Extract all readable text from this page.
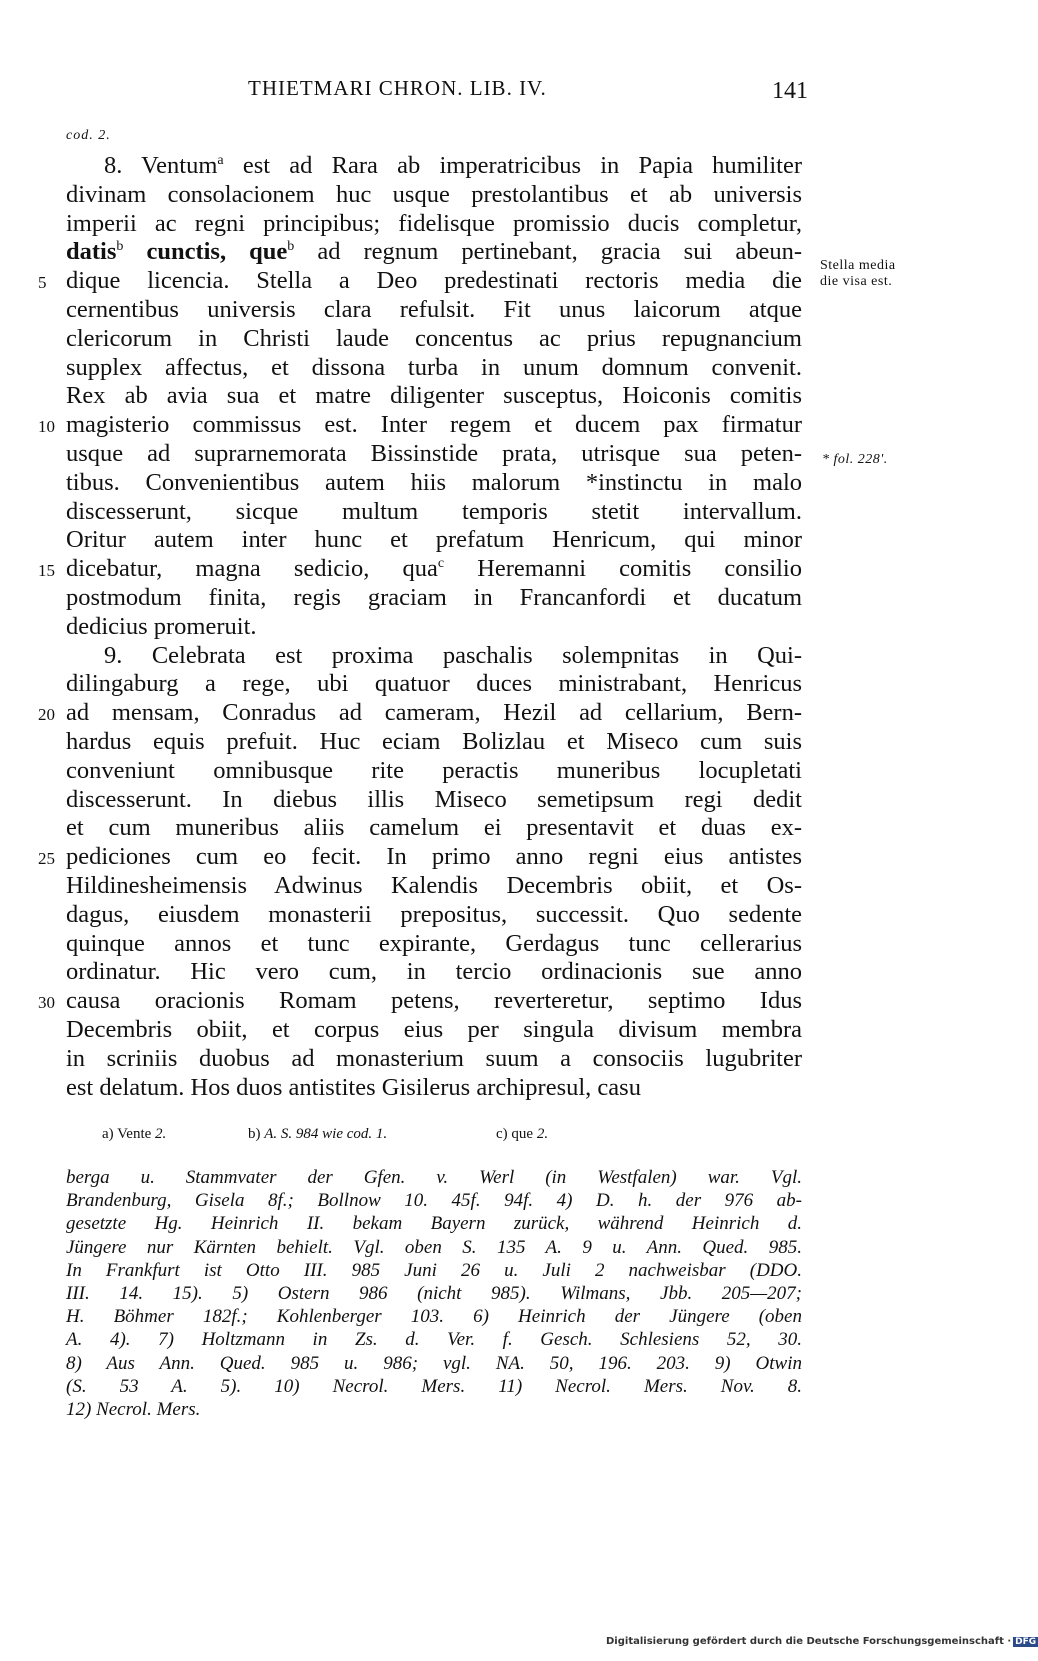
THIETMARI CHRON. LIB. IV.	141
cod. 2.
8. Ventum$^a$ est ad Rara ab imperatricibus in Papia humiliter
divinam consolacionem huc usque prestolantibus et ab universis
imperii ac regni principibus; fidelisque promissio ducis completur,
datis$^b$ cunctis, que$^b$ ad regnum pertinebant, gracia sui abeun-
dique licencia. Stella a Deo predestinati rectoris media die
cernentibus universis clara refulsit. Fit unus laicorum atque
clericorum in Christi laude concentus ac prius repugnancium
supplex affectus, et dissona turba in unum domnum convenit.
Rex ab avia sua et matre diligenter susceptus, Hoiconis comitis
magisterio commissus est. Inter regem et ducem pax firmatur
usque ad suprarnemorata Bissinstide prata, utrisque sua peten-
tibus. Convenientibus autem hiis malorum *instinctu in malo
discesserunt, sicque multum temporis stetit intervallum.
Oritur autem inter hunc et prefatum Henricum, qui minor
dicebatur, magna sedicio, qua$^c$ Heremanni comitis consilio
postmodum finita, regis graciam in Francanfordi et ducatum
dedicius promeruit.
9. Celebrata est proxima paschalis solempnitas in Qui-
dilingaburg a rege, ubi quatuor duces ministrabant, Henricus
ad mensam, Conradus ad cameram, Hezil ad cellarium, Bern-
hardus equis prefuit. Huc eciam Bolizlau et Miseco cum suis
conveniunt omnibusque rite peractis muneribus locupletati
discesserunt. In diebus illis Miseco semetipsum regi dedit
et cum muneribus aliis camelum ei presentavit et duas ex-
pediciones cum eo fecit. In primo anno regni eius antistes
Hildinesheimensis Adwinus Kalendis Decembris obiit, et Os-
dagus, eiusdem monasterii prepositus, successit. Quo sedente
quinque annos et tunc expirante, Gerdagus tunc cellerarius
ordinatur. Hic vero cum, in tercio ordinacionis sue anno
causa oracionis Romam petens, reverteretur, septimo Idus
Decembris obiit, et corpus eius per singula divisum membra
in scriniis duobus ad monasterium suum a consociis lugubriter
est delatum. Hos duos antistites Gisilerus archipresul, casu
5
10
15
20
25
30
Stella media
die visa est.
* fol. 228'.
a) Vente 2.	b) A. S. 984 wie cod. 1.	c) que 2.
berga u. Stammvater der Gfen. v. Werl (in Westfalen) war. Vgl.
Brandenburg, Gisela 8f.; Bollnow 10. 45f. 94f. 4) D. h. der 976 ab-
gesetzte Hg. Heinrich II. bekam Bayern zurück, während Heinrich d.
Jüngere nur Kärnten behielt. Vgl. oben S. 135 A. 9 u. Ann. Qued. 985.
In Frankfurt ist Otto III. 985 Juni 26 u. Juli 2 nachweisbar (DDO.
III. 14. 15). 5) Ostern 986 (nicht 985). Wilmans, Jbb. 205—207;
H. Böhmer 182f.; Kohlenberger 103. 6) Heinrich der Jüngere (oben
A. 4). 7) Holtzmann in Zs. d. Ver. f. Gesch. Schlesiens 52, 30.
8) Aus Ann. Qued. 985 u. 986; vgl. NA. 50, 196. 203. 9) Otwin
(S. 53 A. 5). 10) Necrol. Mers. 11) Necrol. Mers. Nov. 8.
12) Necrol. Mers.
Digitalisierung gefördert durch die Deutsche Forschungsgemeinschaft · DFG
